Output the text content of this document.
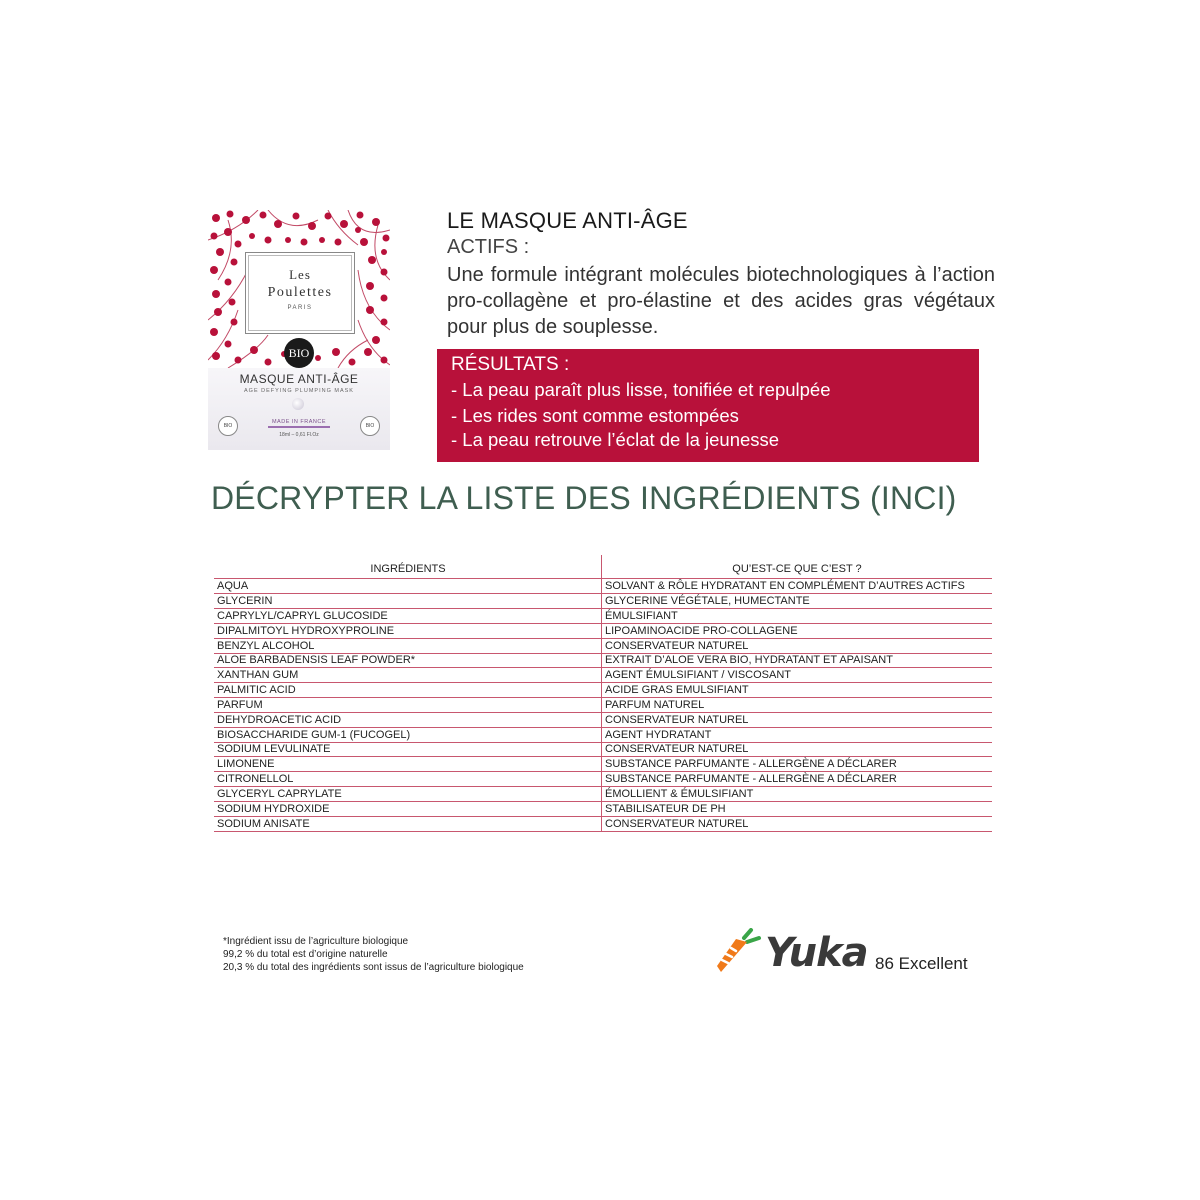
Les
Poulettes
PARIS
BIO
MASQUE ANTI-ÂGE
AGE DEFYING PLUMPING MASK
BIO
MADE IN FRANCE
BIO
18ml – 0,61 Fl.Oz
LE MASQUE ANTI-ÂGE
ACTIFS :
Une formule intégrant molécules biotechnologiques à l’action pro-collagène et pro-élastine et des acides gras végétaux pour plus de souplesse.
RÉSULTATS :
- La peau paraît plus lisse, tonifiée et repulpée
- Les rides sont comme estompées
- La peau retrouve l’éclat de la jeunesse
DÉCRYPTER LA LISTE DES INGRÉDIENTS (INCI)
INGRÉDIENTS	QU’EST-CE QUE C’EST ?
AQUA	SOLVANT & RÔLE HYDRATANT EN COMPLÉMENT D’AUTRES ACTIFS
GLYCERIN	GLYCERINE VÉGÉTALE, HUMECTANTE
CAPRYLYL/CAPRYL GLUCOSIDE	ÉMULSIFIANT
DIPALMITOYL HYDROXYPROLINE	LIPOAMINOACIDE PRO-COLLAGENE
BENZYL ALCOHOL	CONSERVATEUR NATUREL
ALOE BARBADENSIS LEAF POWDER*	EXTRAIT D’ALOE VERA BIO, HYDRATANT ET APAISANT
XANTHAN GUM	AGENT ÉMULSIFIANT / VISCOSANT
PALMITIC ACID	ACIDE GRAS EMULSIFIANT
PARFUM	PARFUM NATUREL
DEHYDROACETIC ACID	CONSERVATEUR NATUREL
BIOSACCHARIDE GUM-1 (FUCOGEL)	AGENT HYDRATANT
SODIUM LEVULINATE	CONSERVATEUR NATUREL
LIMONENE	SUBSTANCE PARFUMANTE - ALLERGÈNE A DÉCLARER
CITRONELLOL	SUBSTANCE PARFUMANTE - ALLERGÈNE A DÉCLARER
GLYCERYL CAPRYLATE	ÉMOLLIENT & ÉMULSIFIANT
SODIUM HYDROXIDE	STABILISATEUR DE PH
SODIUM ANISATE	CONSERVATEUR NATUREL
*Ingrédient issu de l’agriculture biologique
99,2 % du total est d’origine naturelle
20,3 % du total des ingrédients sont issus de l’agriculture biologique	Yuka 86 Excellent
